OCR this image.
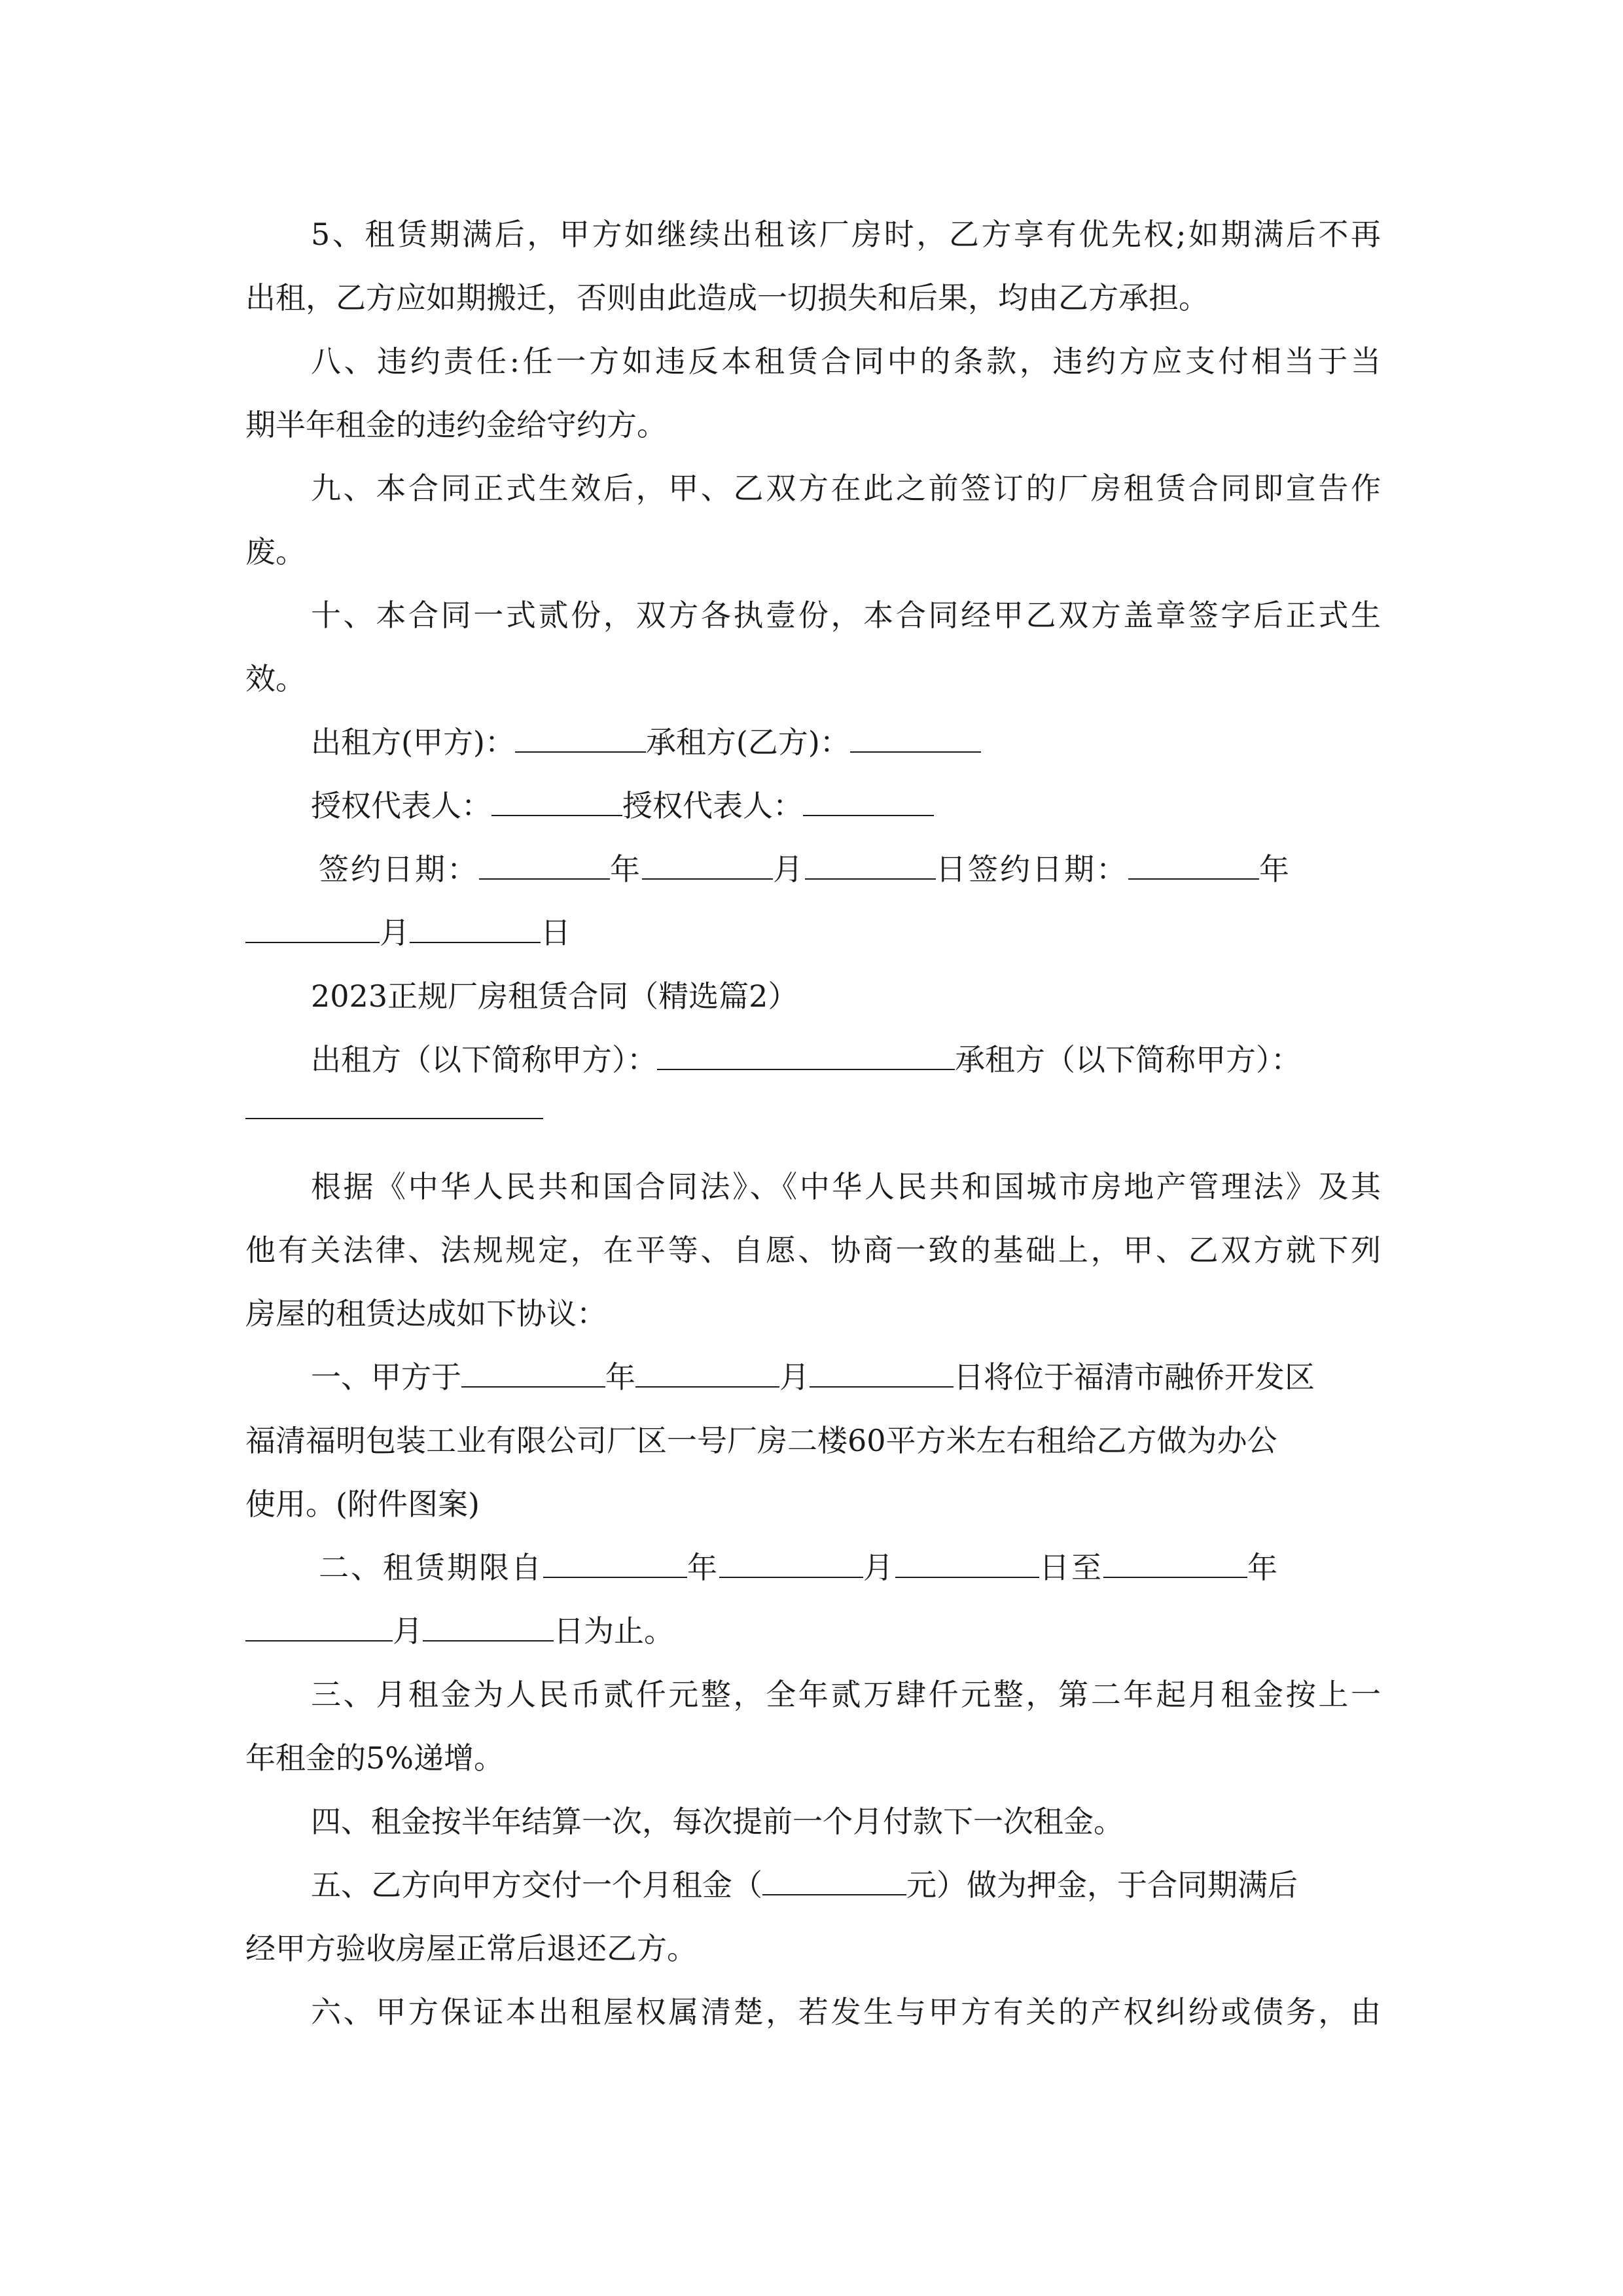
5、租赁期满后，甲方如继续出租该厂房时，乙方享有优先权;如期满后不再
出租，乙方应如期搬迁，否则由此造成一切损失和后果，均由乙方承担。
八、违约责任:任一方如违反本租赁合同中的条款，违约方应支付相当于当
期半年租金的违约金给守约方。
九、本合同正式生效后，甲、乙双方在此之前签订的厂房租赁合同即宣告作
废。
十、本合同一式贰份，双方各执壹份，本合同经甲乙双方盖章签字后正式生
效。
出租方(甲方)：	承租方(乙方)：
授权代表人：	授权代表人：
签约日期：	年	月	日签约日期：	年
月	日
2023正规厂房租赁合同（精选篇2）
出租方（以下简称甲方）：	承租方（以下简称甲方）：
根据《中华人民共和国合同法》、《中华人民共和国城市房地产管理法》及其
他有关法律、法规规定，在平等、自愿、协商一致的基础上，甲、乙双方就下列
房屋的租赁达成如下协议：
一、甲方于	年	月	日将位于福清市融侨开发区
福清福明包装工业有限公司厂区一号厂房二楼60平方米左右租给乙方做为办公
使用。(附件图案)
二、租赁期限自	年	月	日至	年
月	日为止。
三、月租金为人民币贰仟元整，全年贰万肆仟元整，第二年起月租金按上一
年租金的5%递增。
四、租金按半年结算一次，每次提前一个月付款下一次租金。
五、乙方向甲方交付一个月租金（	元）做为押金，于合同期满后
经甲方验收房屋正常后退还乙方。
六、甲方保证本出租屋权属清楚，若发生与甲方有关的产权纠纷或债务，由
